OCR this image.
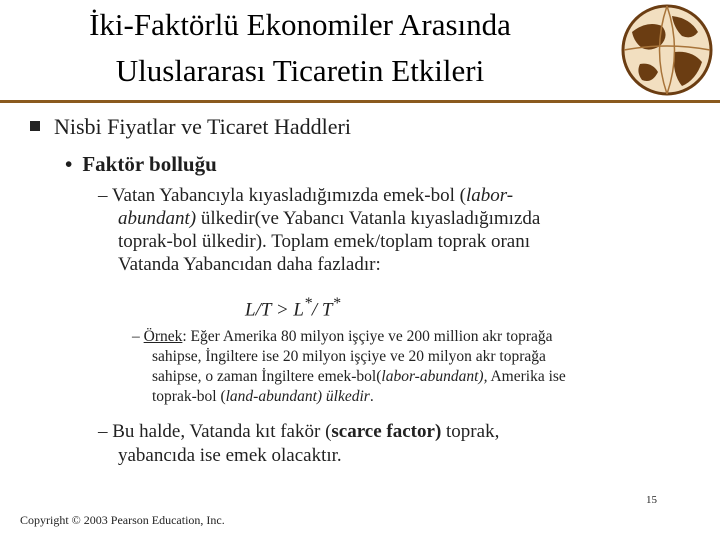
İki-Faktörlü Ekonomiler Arasında
Uluslararası Ticaretin Etkileri
Nisbi Fiyatlar ve Ticaret Haddleri
• Faktör bolluğu
– Vatan Yabancıyla kıyasladığımızda emek-bol (labor-
abundant) ülkedir(ve Yabancı Vatanla kıyasladığımızda
toprak-bol ülkedir). Toplam emek/toplam toprak oranı
Vatanda Yabancıdan daha fazladır:
L/T > L*/ T*
– Örnek: Eğer Amerika 80 milyon işçiye ve 200 million akr toprağa
sahipse, İngiltere ise 20 milyon işçiye ve 20 milyon akr toprağa
sahipse, o zaman İngiltere emek-bol(labor-abundant), Amerika ise
toprak-bol (land-abundant) ülkedir.
– Bu halde, Vatanda kıt fakör (scarce factor) toprak,
yabancıda ise emek olacaktır.
15
Copyright © 2003 Pearson Education, Inc.
